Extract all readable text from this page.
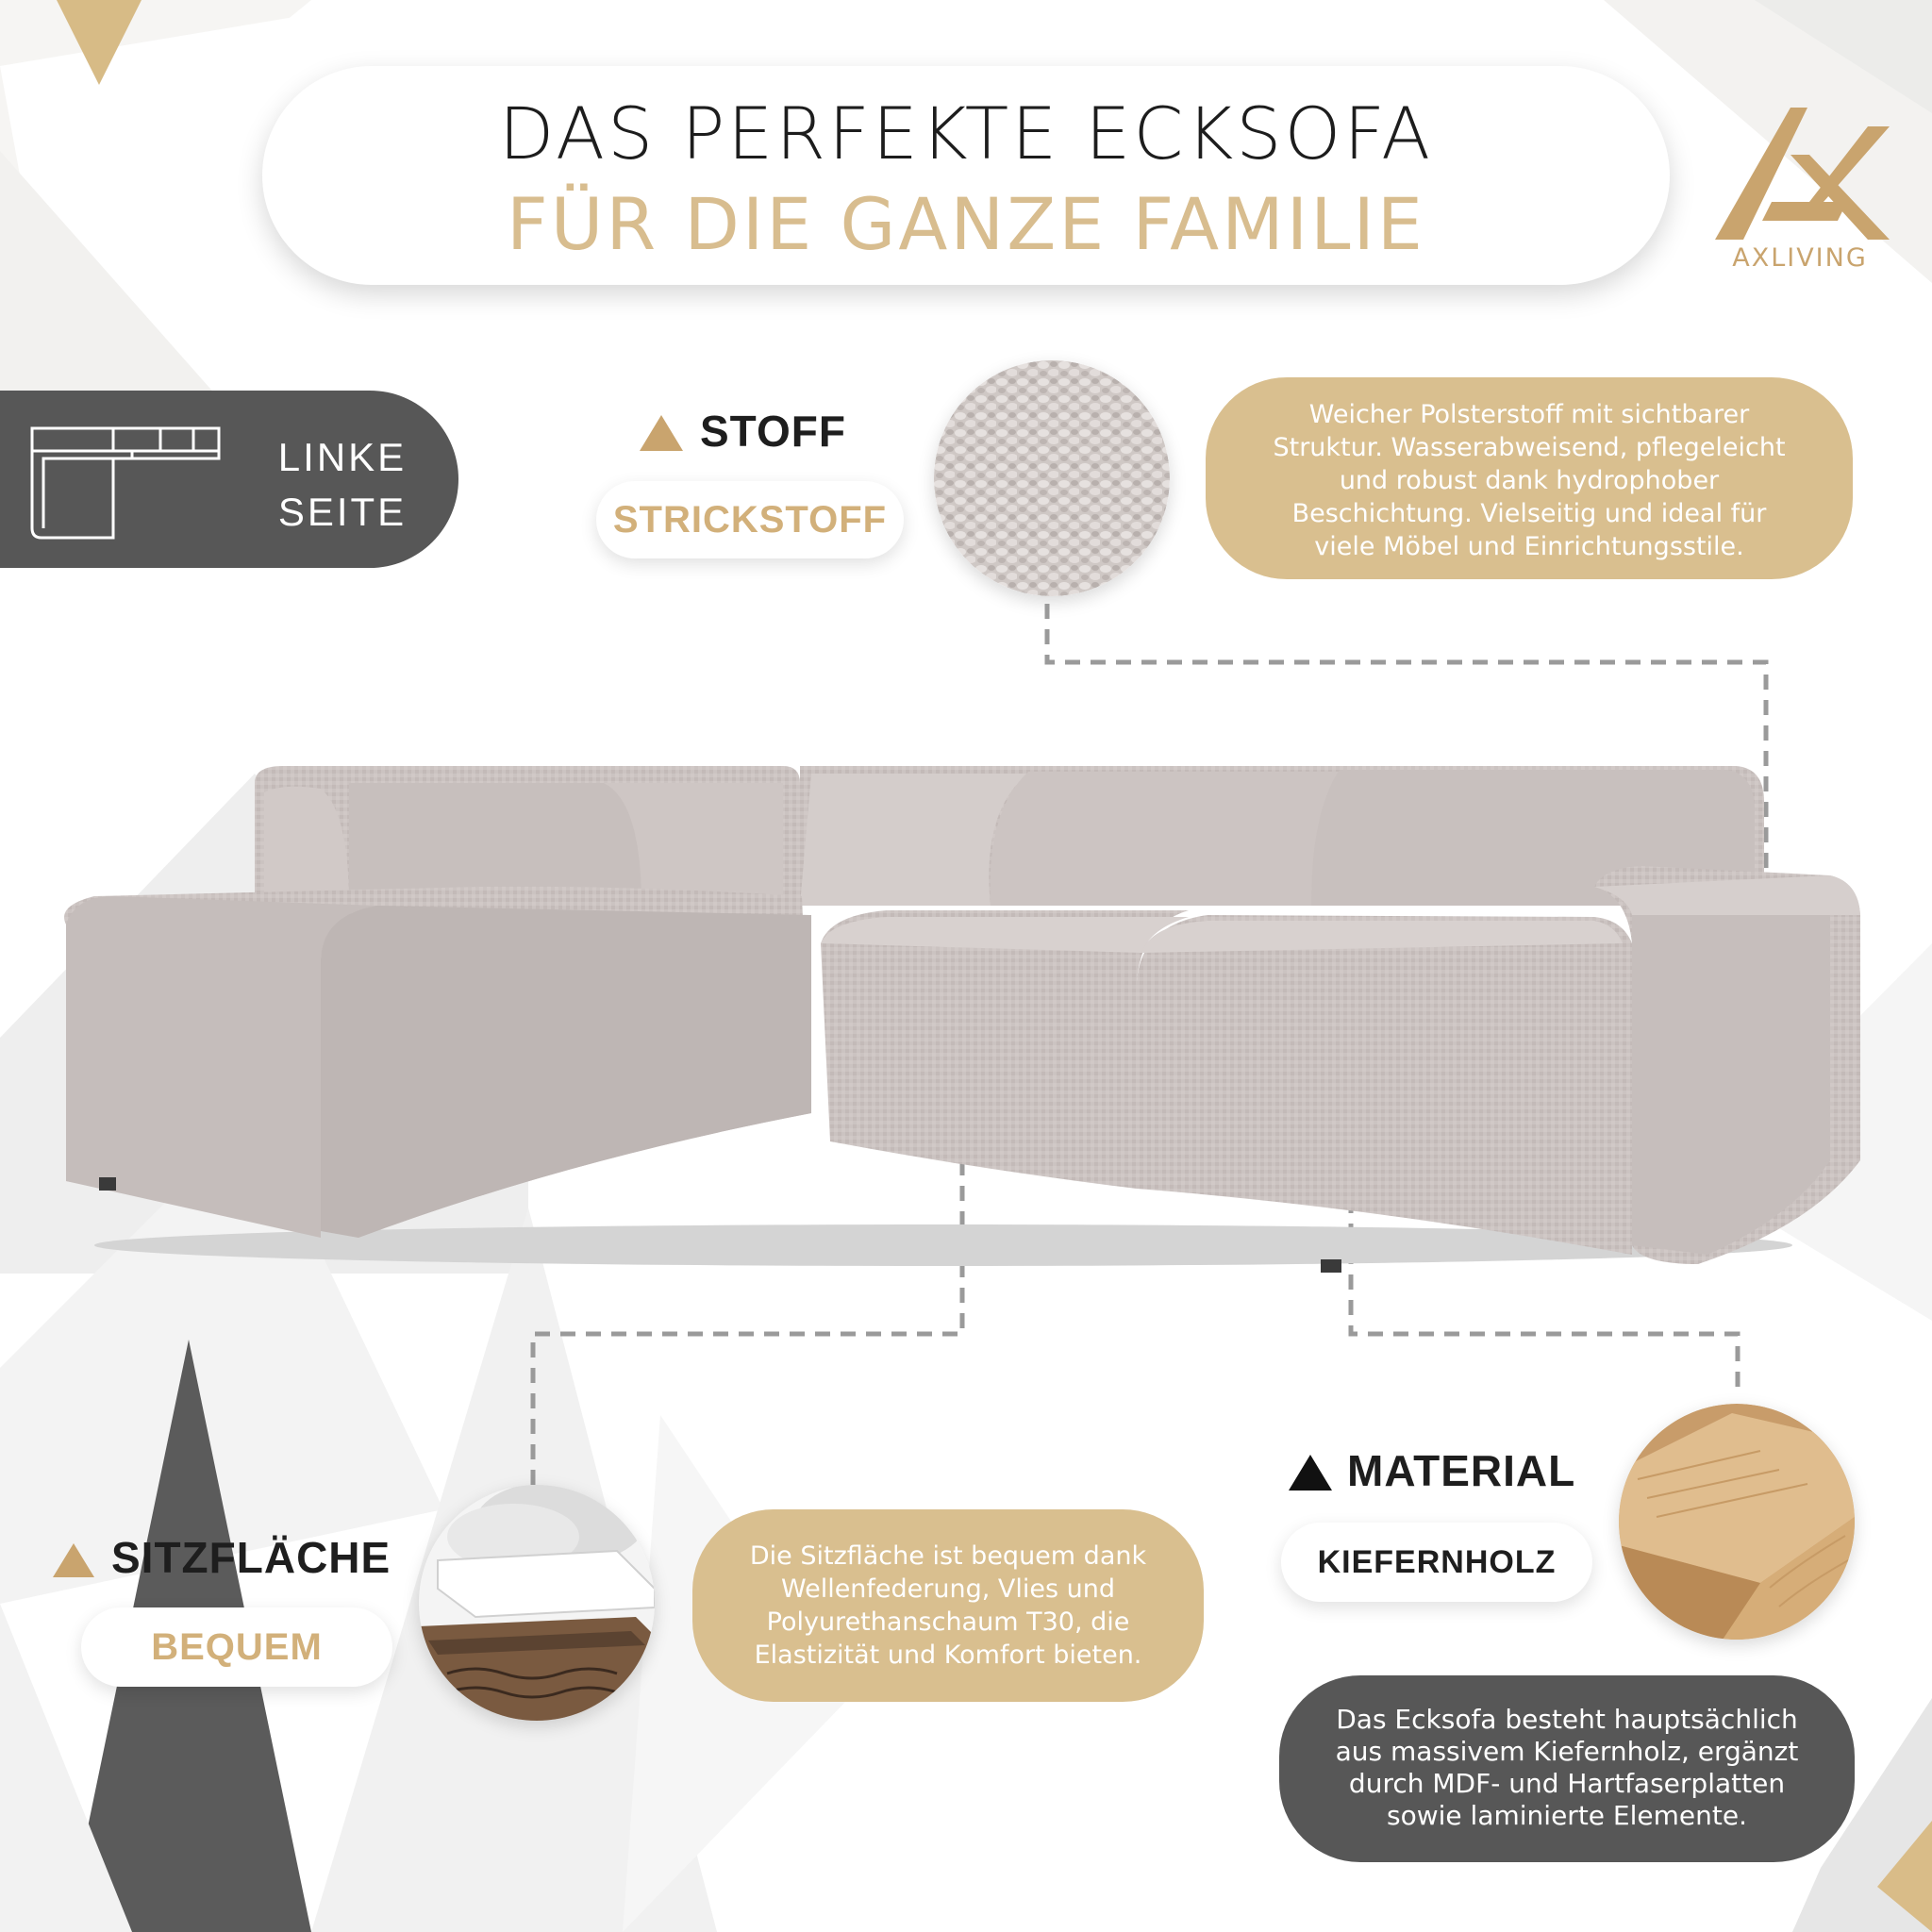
DAS PERFEKTE ECKSOFA
FÜR DIE GANZE FAMILIE	AXLIVING
LINKE
SEITE
STOFF
STRICKSTOFF
Weicher Polsterstoff mit sichtbarer
Struktur. Wasserabweisend, pflegeleicht
und robust dank hydrophober
Beschichtung. Vielseitig und ideal für
viele Möbel und Einrichtungsstile.
SITZFLÄCHE
BEQUEM
Die Sitzfläche ist bequem dank
Wellenfederung, Vlies und
Polyurethanschaum T30, die
Elastizität und Komfort bieten.
MATERIAL
KIEFERNHOLZ
Das Ecksofa besteht hauptsächlich
aus massivem Kiefernholz, ergänzt
durch MDF- und Hartfaserplatten
sowie laminierte Elemente.
